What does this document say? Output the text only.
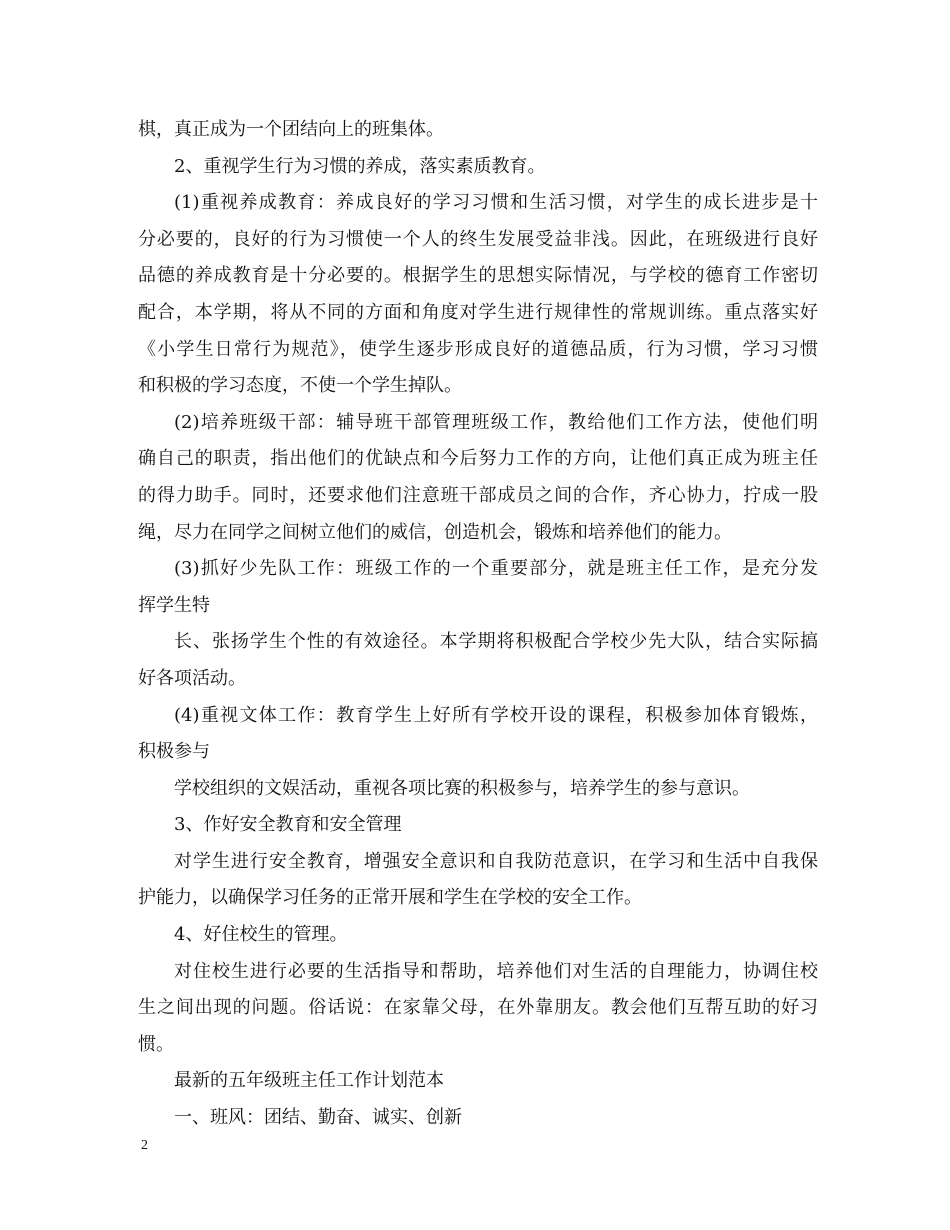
棋，真正成为一个团结向上的班集体。
2、重视学生行为习惯的养成，落实素质教育。
(1)重视养成教育：养成良好的学习习惯和生活习惯，对学生的成长进步是十
分必要的，良好的行为习惯使一个人的终生发展受益非浅。因此，在班级进行良好
品德的养成教育是十分必要的。根据学生的思想实际情况，与学校的德育工作密切
配合，本学期，将从不同的方面和角度对学生进行规律性的常规训练。重点落实好
《小学生日常行为规范》，使学生逐步形成良好的道德品质，行为习惯，学习习惯
和积极的学习态度，不使一个学生掉队。
(2)培养班级干部：辅导班干部管理班级工作，教给他们工作方法，使他们明
确自己的职责，指出他们的优缺点和今后努力工作的方向，让他们真正成为班主任
的得力助手。同时，还要求他们注意班干部成员之间的合作，齐心协力，拧成一股
绳，尽力在同学之间树立他们的威信，创造机会，锻炼和培养他们的能力。
(3)抓好少先队工作：班级工作的一个重要部分，就是班主任工作，是充分发
挥学生特
长、张扬学生个性的有效途径。本学期将积极配合学校少先大队，结合实际搞
好各项活动。
(4)重视文体工作：教育学生上好所有学校开设的课程，积极参加体育锻炼，
积极参与
学校组织的文娱活动，重视各项比赛的积极参与，培养学生的参与意识。
3、作好安全教育和安全管理
对学生进行安全教育，增强安全意识和自我防范意识，在学习和生活中自我保
护能力，以确保学习任务的正常开展和学生在学校的安全工作。
4、好住校生的管理。
对住校生进行必要的生活指导和帮助，培养他们对生活的自理能力，协调住校
生之间出现的问题。俗话说：在家靠父母，在外靠朋友。教会他们互帮互助的好习
惯。
最新的五年级班主任工作计划范本
一、班风：团结、勤奋、诚实、创新
2
